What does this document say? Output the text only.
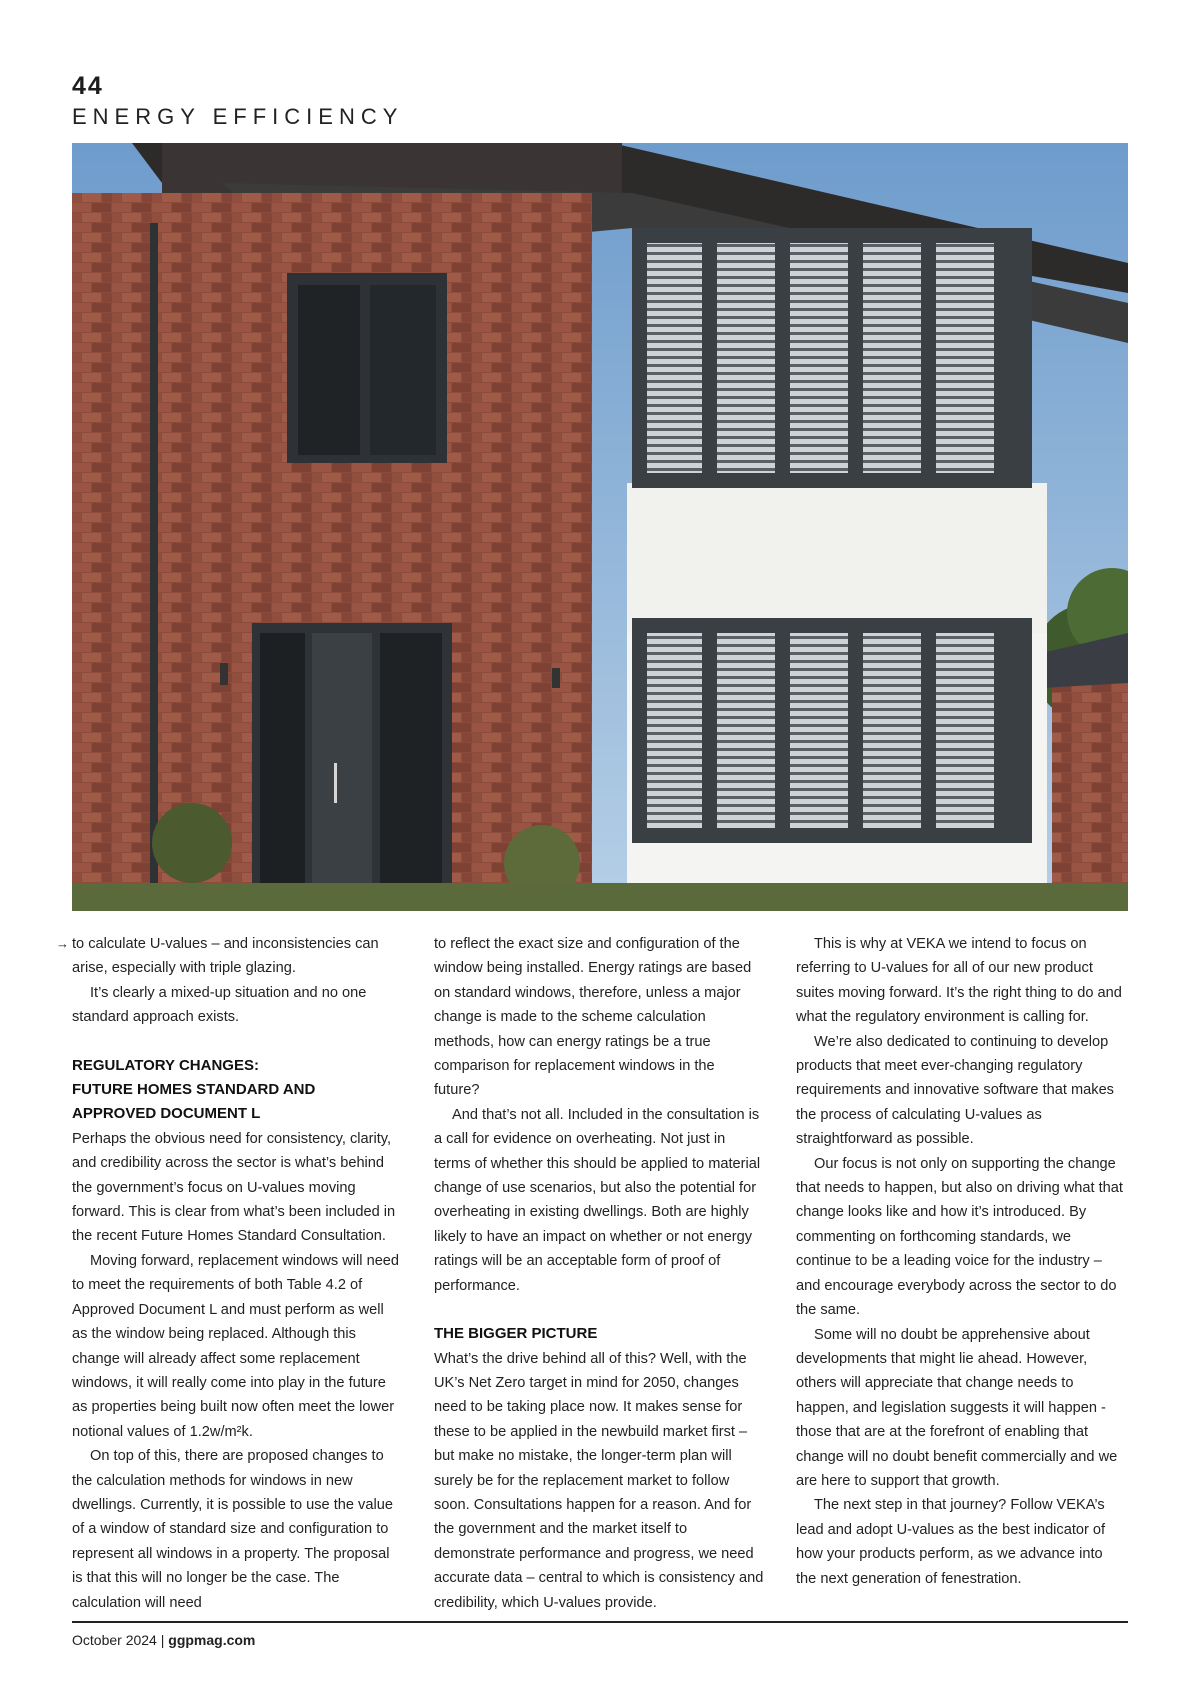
44
ENERGY EFFICIENCY
→ to calculate U-values – and inconsistencies can arise, especially with triple glazing.

It’s clearly a mixed-up situation and no one standard approach exists.

REGULATORY CHANGES:
FUTURE HOMES STANDARD AND
APPROVED DOCUMENT L

Perhaps the obvious need for consistency, clarity, and credibility across the sector is what’s behind the government’s focus on U-values moving forward. This is clear from what’s been included in the recent Future Homes Standard Consultation.

Moving forward, replacement windows will need to meet the requirements of both Table 4.2 of Approved Document L and must perform as well as the window being replaced. Although this change will already affect some replacement windows, it will really come into play in the future as properties being built now often meet the lower notional values of 1.2w/m²k.

On top of this, there are proposed changes to the calculation methods for windows in new dwellings. Currently, it is possible to use the value of a window of standard size and configuration to represent all windows in a property. The proposal is that this will no longer be the case. The calculation will need

to reflect the exact size and configuration of the window being installed. Energy ratings are based on standard windows, therefore, unless a major change is made to the scheme calculation methods, how can energy ratings be a true comparison for replacement windows in the future?

And that’s not all. Included in the consultation is a call for evidence on overheating. Not just in terms of whether this should be applied to material change of use scenarios, but also the potential for overheating in existing dwellings. Both are highly likely to have an impact on whether or not energy ratings will be an acceptable form of proof of performance.

THE BIGGER PICTURE

What’s the drive behind all of this? Well, with the UK’s Net Zero target in mind for 2050, changes need to be taking place now. It makes sense for these to be applied in the newbuild market first – but make no mistake, the longer-term plan will surely be for the replacement market to follow soon. Consultations happen for a reason. And for the government and the market itself to demonstrate performance and progress, we need accurate data – central to which is consistency and credibility, which U-values provide.

This is why at VEKA we intend to focus on referring to U-values for all of our new product suites moving forward. It’s the right thing to do and what the regulatory environment is calling for.

We’re also dedicated to continuing to develop products that meet ever-changing regulatory requirements and innovative software that makes the process of calculating U-values as straightforward as possible.

Our focus is not only on supporting the change that needs to happen, but also on driving what that change looks like and how it’s introduced. By commenting on forthcoming standards, we continue to be a leading voice for the industry – and encourage everybody across the sector to do the same.

Some will no doubt be apprehensive about developments that might lie ahead. However, others will appreciate that change needs to happen, and legislation suggests it will happen - those that are at the forefront of enabling that change will no doubt benefit commercially and we are here to support that growth.

The next step in that journey? Follow VEKA’s lead and adopt U-values as the best indicator of how your products perform, as we advance into the next generation of fenestration.

October 2024 | ggpmag.com
